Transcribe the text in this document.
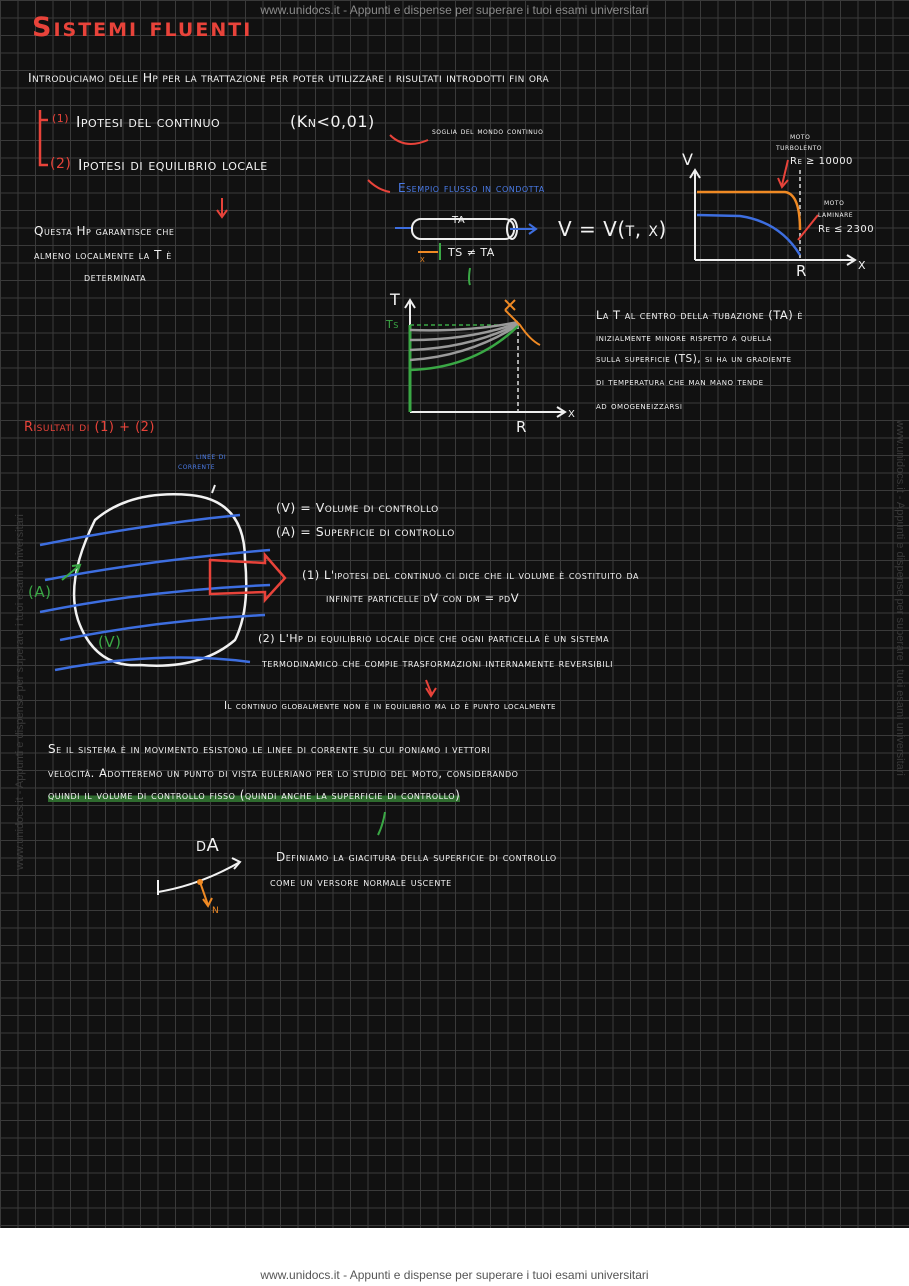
www.unidocs.it - Appunti e dispense per superare i tuoi esami universitari	www.unidocs.it - Appunti e dispense per superare i tuoi esami universitari
www.unidocs.it - Appunti e dispense per superare i tuoi esami universitari
Sistemi fluenti
Introduciamo delle Hp per la trattazione per poter utilizzare i risultati introdotti fin ora
(1) Ipotesi del continuo	(Kn<0,01)
soglia del mondo continuo
(2) Ipotesi di equilibrio locale
Questa Hp garantisce che
almeno localmente la T è
determinata
Esempio flusso in condotta
TA
x
TS ≠ TA
V = V(t, x)
V
x
R
moto
turbolento
Re ≥ 10000
moto
laminare
Re ≤ 2300
T
Ts
x
R
La T al centro della tubazione (TA) è
inizialmente minore rispetto a quella
sulla superficie (TS), si ha un gradiente
di temperatura che man mano tende
ad omogeneizzarsi
Risultati di (1) + (2)
linee di
corrente
(A)
(V)
(V) = Volume di controllo
(A) = Superficie di controllo
(1) L'ipotesi del continuo ci dice che il volume è costituito da
infinite particelle dV con dm = ρdV
(2) L'Hp di equilibrio locale dice che ogni particella è un sistema
termodinamico che compie trasformazioni internamente reversibili
Il continuo globalmente non è in equilibrio ma lo è punto localmente
Se il sistema è in movimento esistono le linee di corrente su cui poniamo i vettori
velocità. Adotteremo un punto di vista euleriano per lo studio del moto, considerando
quindi il volume di controllo fisso (quindi anche la superficie di controllo)
dA
n
Definiamo la giacitura della superficie di controllo
come un versore normale uscente
www.unidocs.it - Appunti e dispense per superare i tuoi esami universitari
